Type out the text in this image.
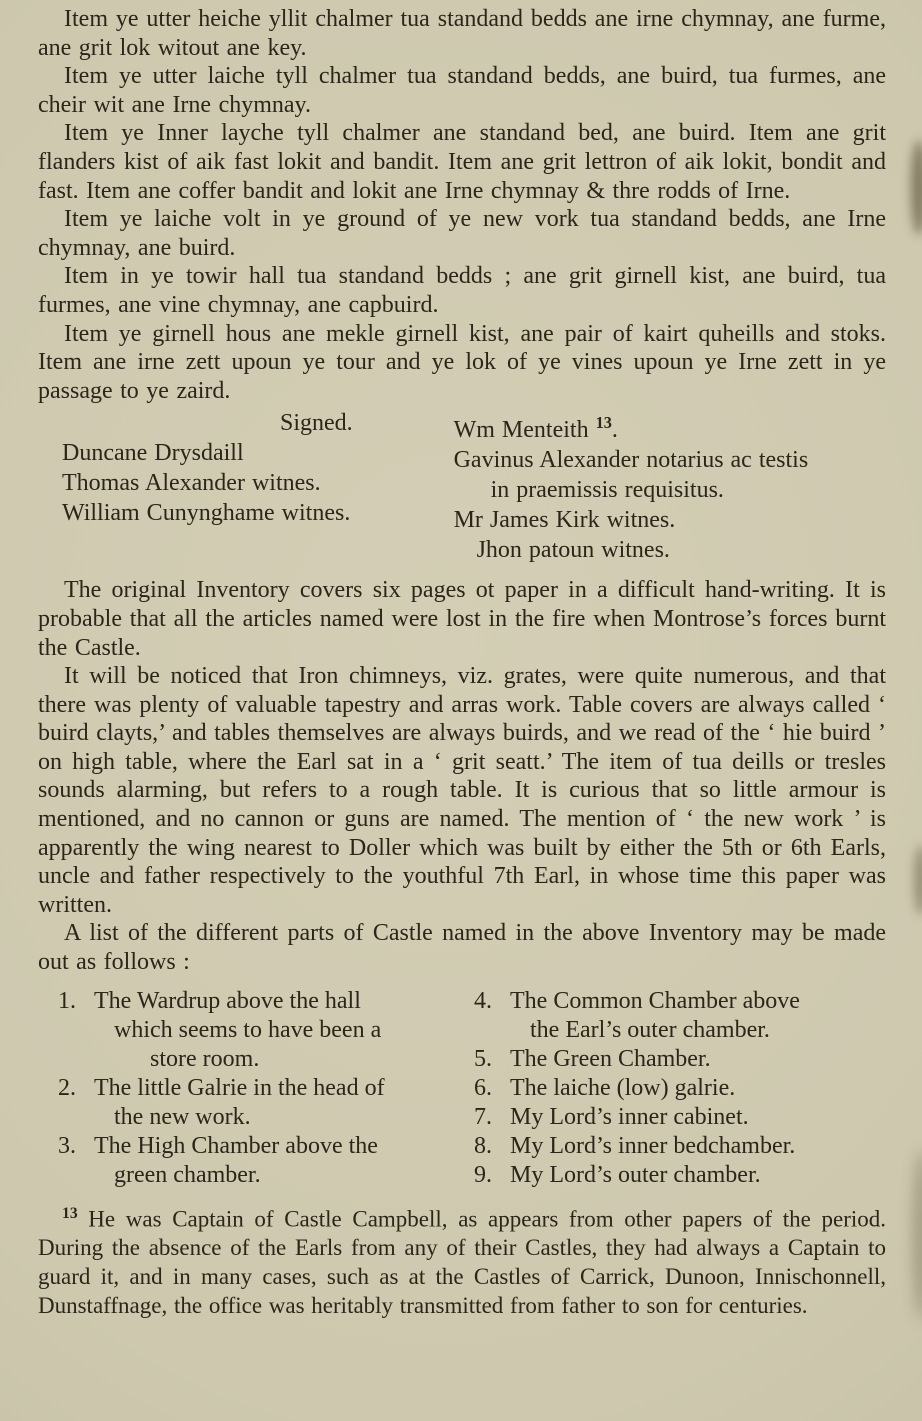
Item ye utter heiche yllit chalmer tua standand bedds ane irne chymnay, ane furme, ane grit lok witout ane key.

Item ye utter laiche tyll chalmer tua standand bedds, ane buird, tua furmes, ane cheir wit ane Irne chymnay.

Item ye Inner layche tyll chalmer ane standand bed, ane buird. Item ane grit flanders kist of aik fast lokit and bandit. Item ane grit lettron of aik lokit, bondit and fast. Item ane coffer bandit and lokit ane Irne chymnay & thre rodds of Irne.

Item ye laiche volt in ye ground of ye new vork tua standand bedds, ane Irne chymnay, ane buird.

Item in ye towir hall tua standand bedds ; ane grit girnell kist, ane buird, tua furmes, ane vine chymnay, ane capbuird.

Item ye girnell hous ane mekle girnell kist, ane pair of kairt quheills and stoks. Item ane irne zett upoun ye tour and ye lok of ye vines upoun ye Irne zett in ye passage to ye zaird.

Signed.
Duncane Drysdaill
Thomas Alexander witnes.
William Cunynghame witnes.
Wm Menteith $^{13}$.
Gavinus Alexander notarius ac testis
in praemissis requisitus.
Mr James Kirk witnes.
Jhon patoun witnes.

The original Inventory covers six pages ot paper in a difficult hand-writing. It is probable that all the articles named were lost in the fire when Montrose’s forces burnt the Castle.

It will be noticed that Iron chimneys, viz. grates, were quite numerous, and that there was plenty of valuable tapestry and arras work. Table covers are always called ‘ buird clayts,’ and tables themselves are always buirds, and we read of the ‘ hie buird ’ on high table, where the Earl sat in a ‘ grit seatt.’ The item of tua deills or tresles sounds alarming, but refers to a rough table. It is curious that so little armour is mentioned, and no cannon or guns are named. The mention of ‘ the new work ’ is apparently the wing nearest to Doller which was built by either the 5th or 6th Earls, uncle and father respectively to the youthful 7th Earl, in whose time this paper was written.

A list of the different parts of Castle named in the above Inventory may be made out as follows :

1. The Wardrup above the hall
which seems to have been a
store room.
2. The little Galrie in the head of
the new work.
3. The High Chamber above the
green chamber.
4. The Common Chamber above
the Earl’s outer chamber.
5. The Green Chamber.
6. The laiche (low) galrie.
7. My Lord’s inner cabinet.
8. My Lord’s inner bedchamber.
9. My Lord’s outer chamber.

$^{13}$ He was Captain of Castle Campbell, as appears from other papers of the period. During the absence of the Earls from any of their Castles, they had always a Captain to guard it, and in many cases, such as at the Castles of Carrick, Dunoon, Innischonnell, Dunstaffnage, the office was heritably transmitted from father to son for centuries.
